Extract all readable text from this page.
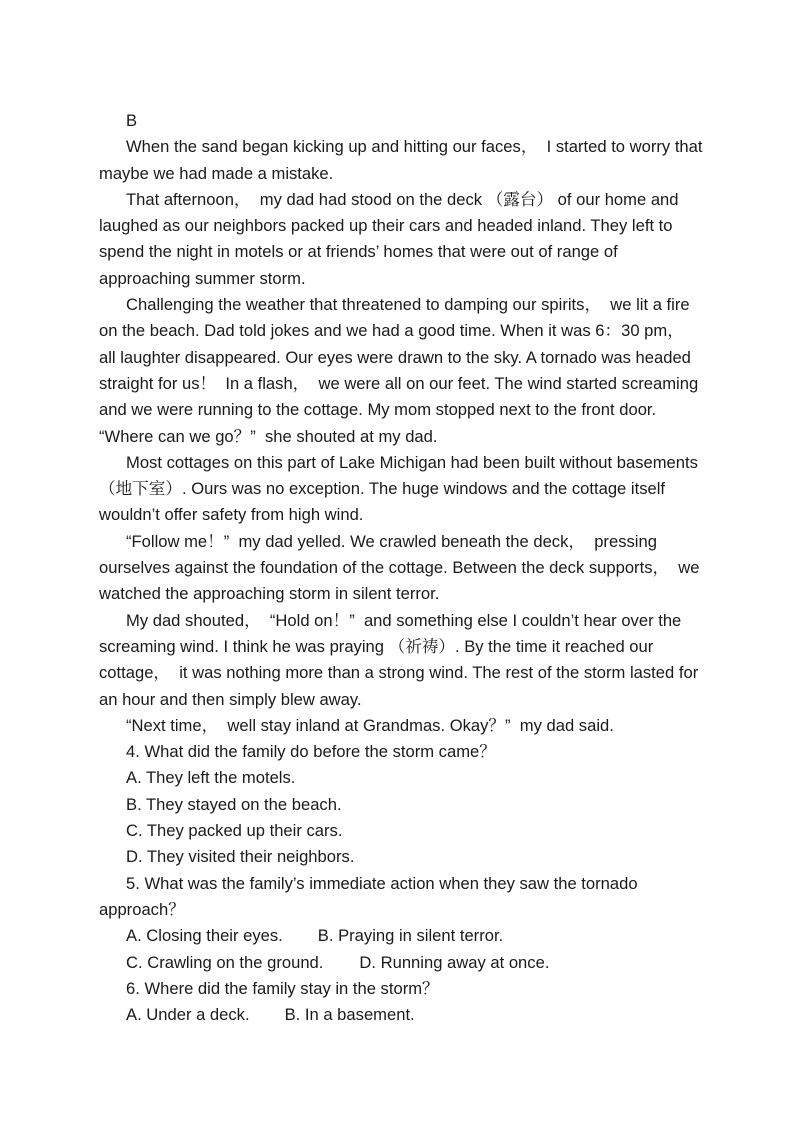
B

When the sand began kicking up and hitting our faces，  I started to worry that maybe we had made a mistake.

That afternoon，  my dad had stood on the deck （露台） of our home and laughed as our neighbors packed up their cars and headed inland. They left to spend the night in motels or at friends’ homes that were out of range of approaching summer storm.

Challenging the weather that threatened to damping our spirits，  we lit a fire on the beach. Dad told jokes and we had a good time. When it was 6：30 pm，  all laughter disappeared. Our eyes were drawn to the sky. A tornado was headed straight for us！  In a flash，  we were all on our feet. The wind started screaming and we were running to the cottage. My mom stopped next to the front door. “Where can we go？”  she shouted at my dad.

Most cottages on this part of Lake Michigan had been built without basements （地下室）. Ours was no exception. The huge windows and the cottage itself wouldn’t offer safety from high wind.

“Follow me！”  my dad yelled. We crawled beneath the deck，  pressing ourselves against the foundation of the cottage. Between the deck supports，  we watched the approaching storm in silent terror.

My dad shouted，  “Hold on！”  and something else I couldn’t hear over the screaming wind. I think he was praying （祈祷）. By the time it reached our cottage，  it was nothing more than a strong wind. The rest of the storm lasted for an hour and then simply blew away.

“Next time，  well stay inland at Grandmas. Okay？”  my dad said.

4. What did the family do before the storm came？

A. They left the motels.

B. They stayed on the beach.

C. They packed up their cars.

D. They visited their neighbors.

5. What was the family’s immediate action when they saw the tornado approach？

A. Closing their eyes. B. Praying in silent terror.

C. Crawling on the ground. D. Running away at once.

6. Where did the family stay in the storm？

A. Under a deck. B. In a basement.
